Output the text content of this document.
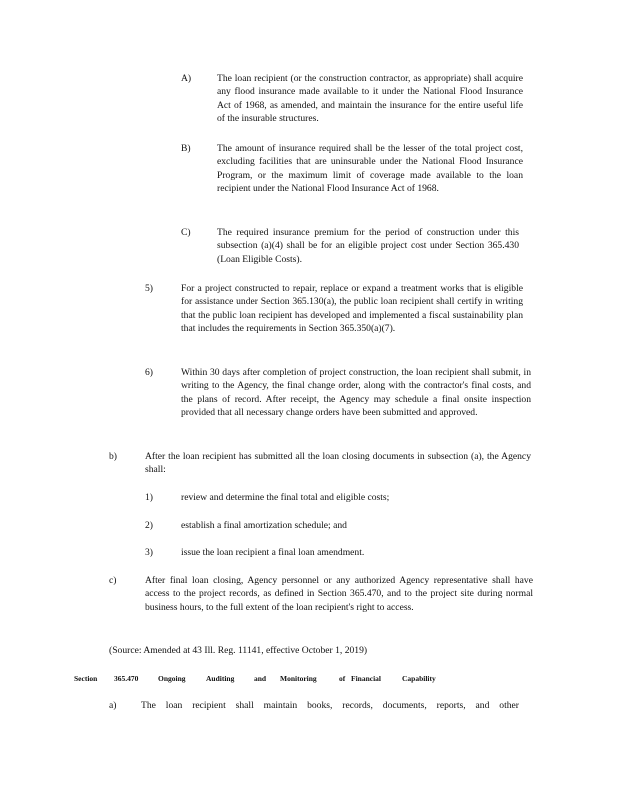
A)	The loan recipient (or the construction contractor, as appropriate) shall acquire any flood insurance made available to it under the National Flood Insurance Act of 1968, as amended, and maintain the insurance for the entire useful life of the insurable structures.
B)	The amount of insurance required shall be the lesser of the total project cost, excluding facilities that are uninsurable under the National Flood Insurance Program, or the maximum limit of coverage made available to the loan recipient under the National Flood Insurance Act of 1968.
C)	The required insurance premium for the period of construction under this subsection (a)(4) shall be for an eligible project cost under Section 365.430 (Loan Eligible Costs).
5)	For a project constructed to repair, replace or expand a treatment works that is eligible for assistance under Section 365.130(a), the public loan recipient shall certify in writing that the public loan recipient has developed and implemented a fiscal sustainability plan that includes the requirements in Section 365.350(a)(7).
6)	Within 30 days after completion of project construction, the loan recipient shall submit, in writing to the Agency, the final change order, along with the contractor's final costs, and the plans of record. After receipt, the Agency may schedule a final onsite inspection provided that all necessary change orders have been submitted and approved.
b)	After the loan recipient has submitted all the loan closing documents in subsection (a), the Agency shall:
1)	review and determine the final total and eligible costs;
2)	establish a final amortization schedule; and
3)	issue the loan recipient a final loan amendment.
c)	After final loan closing, Agency personnel or any authorized Agency representative shall have access to the project records, as defined in Section 365.470, and to the project site during normal business hours, to the full extent of the loan recipient's right to access.
(Source: Amended at 43 Ill. Reg. 11141, effective October 1, 2019)
Section 365.470	Ongoing	Auditing	and Monitoring	of Financial	Capability
a)	The loan recipient shall maintain books, records, documents, reports, and other
